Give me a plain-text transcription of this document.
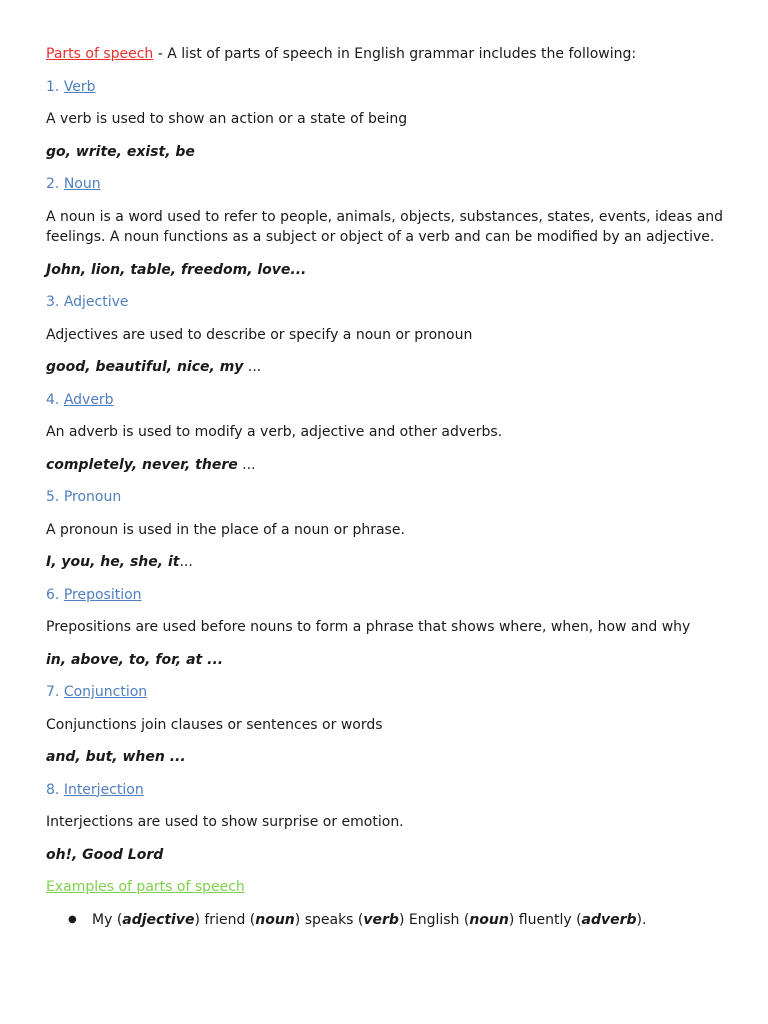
Parts of speech - A list of parts of speech in English grammar includes the following:

1. Verb

A verb is used to show an action or a state of being

go, write, exist, be

2. Noun

A noun is a word used to refer to people, animals, objects, substances, states, events, ideas and feelings. A noun functions as a subject or object of a verb and can be modified by an adjective.

John, lion, table, freedom, love...

3. Adjective

Adjectives are used to describe or specify a noun or pronoun

good, beautiful, nice, my ...

4. Adverb

An adverb is used to modify a verb, adjective and other adverbs.

completely, never, there ...

5. Pronoun

A pronoun is used in the place of a noun or phrase.

I, you, he, she, it...

6. Preposition

Prepositions are used before nouns to form a phrase that shows where, when, how and why

in, above, to, for, at ...

7. Conjunction

Conjunctions join clauses or sentences or words

and, but, when ...

8. Interjection

Interjections are used to show surprise or emotion.

oh!, Good Lord

Examples of parts of speech

● My (adjective) friend (noun) speaks (verb) English (noun) fluently (adverb).
